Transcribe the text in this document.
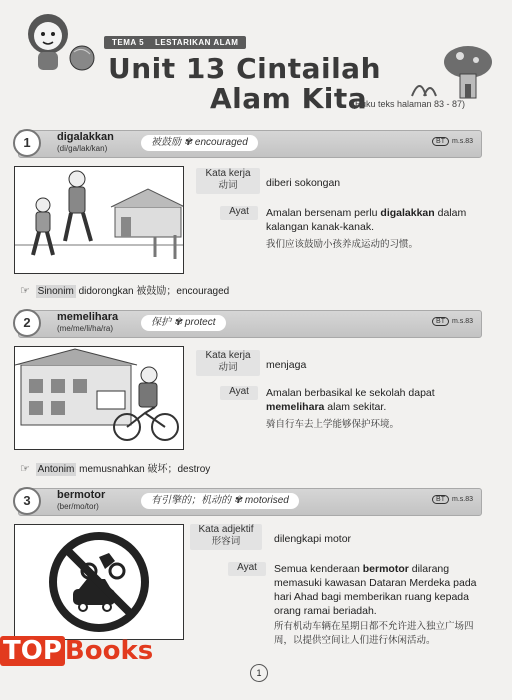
TEMA 5 LESTARIKAN ALAM
Unit 13 Cintailah
Alam Kita
(Buku teks halaman 83 - 87)
1	digalakkan
(di/ga/lak/kan)
被鼓励 ✾ encouraged	BT m.s.83
Kata kerja
动词	diberi sokongan
Ayat	Amalan bersenam perlu digalakkan dalam kalangan kanak-kanak.
我们应该鼓励小孩养成运动的习惯。
☞ Sinonim didorongkan 被鼓励；encouraged
2	memelihara
(me/me/li/ha/ra)
保护 ✾ protect	BT m.s.83
Kata kerja
动词	menjaga
Ayat	Amalan berbasikal ke sekolah dapat memelihara alam sekitar.
骑自行车去上学能够保护环境。
☞ Antonim memusnahkan 破坏；destroy
3	bermotor
(ber/mo/tor)
有引擎的；机动的 ✾ motorised	BT m.s.83
Kata adjektif
形容词	dilengkapi motor
Ayat	Semua kenderaan bermotor dilarang memasuki kawasan Dataran Merdeka pada hari Ahad bagi memberikan ruang kepada orang ramai beriadah.
所有机动车辆在星期日都不允许进入独立广场四周，以提供空间让人们进行休闲活动。
TOP Books
1
